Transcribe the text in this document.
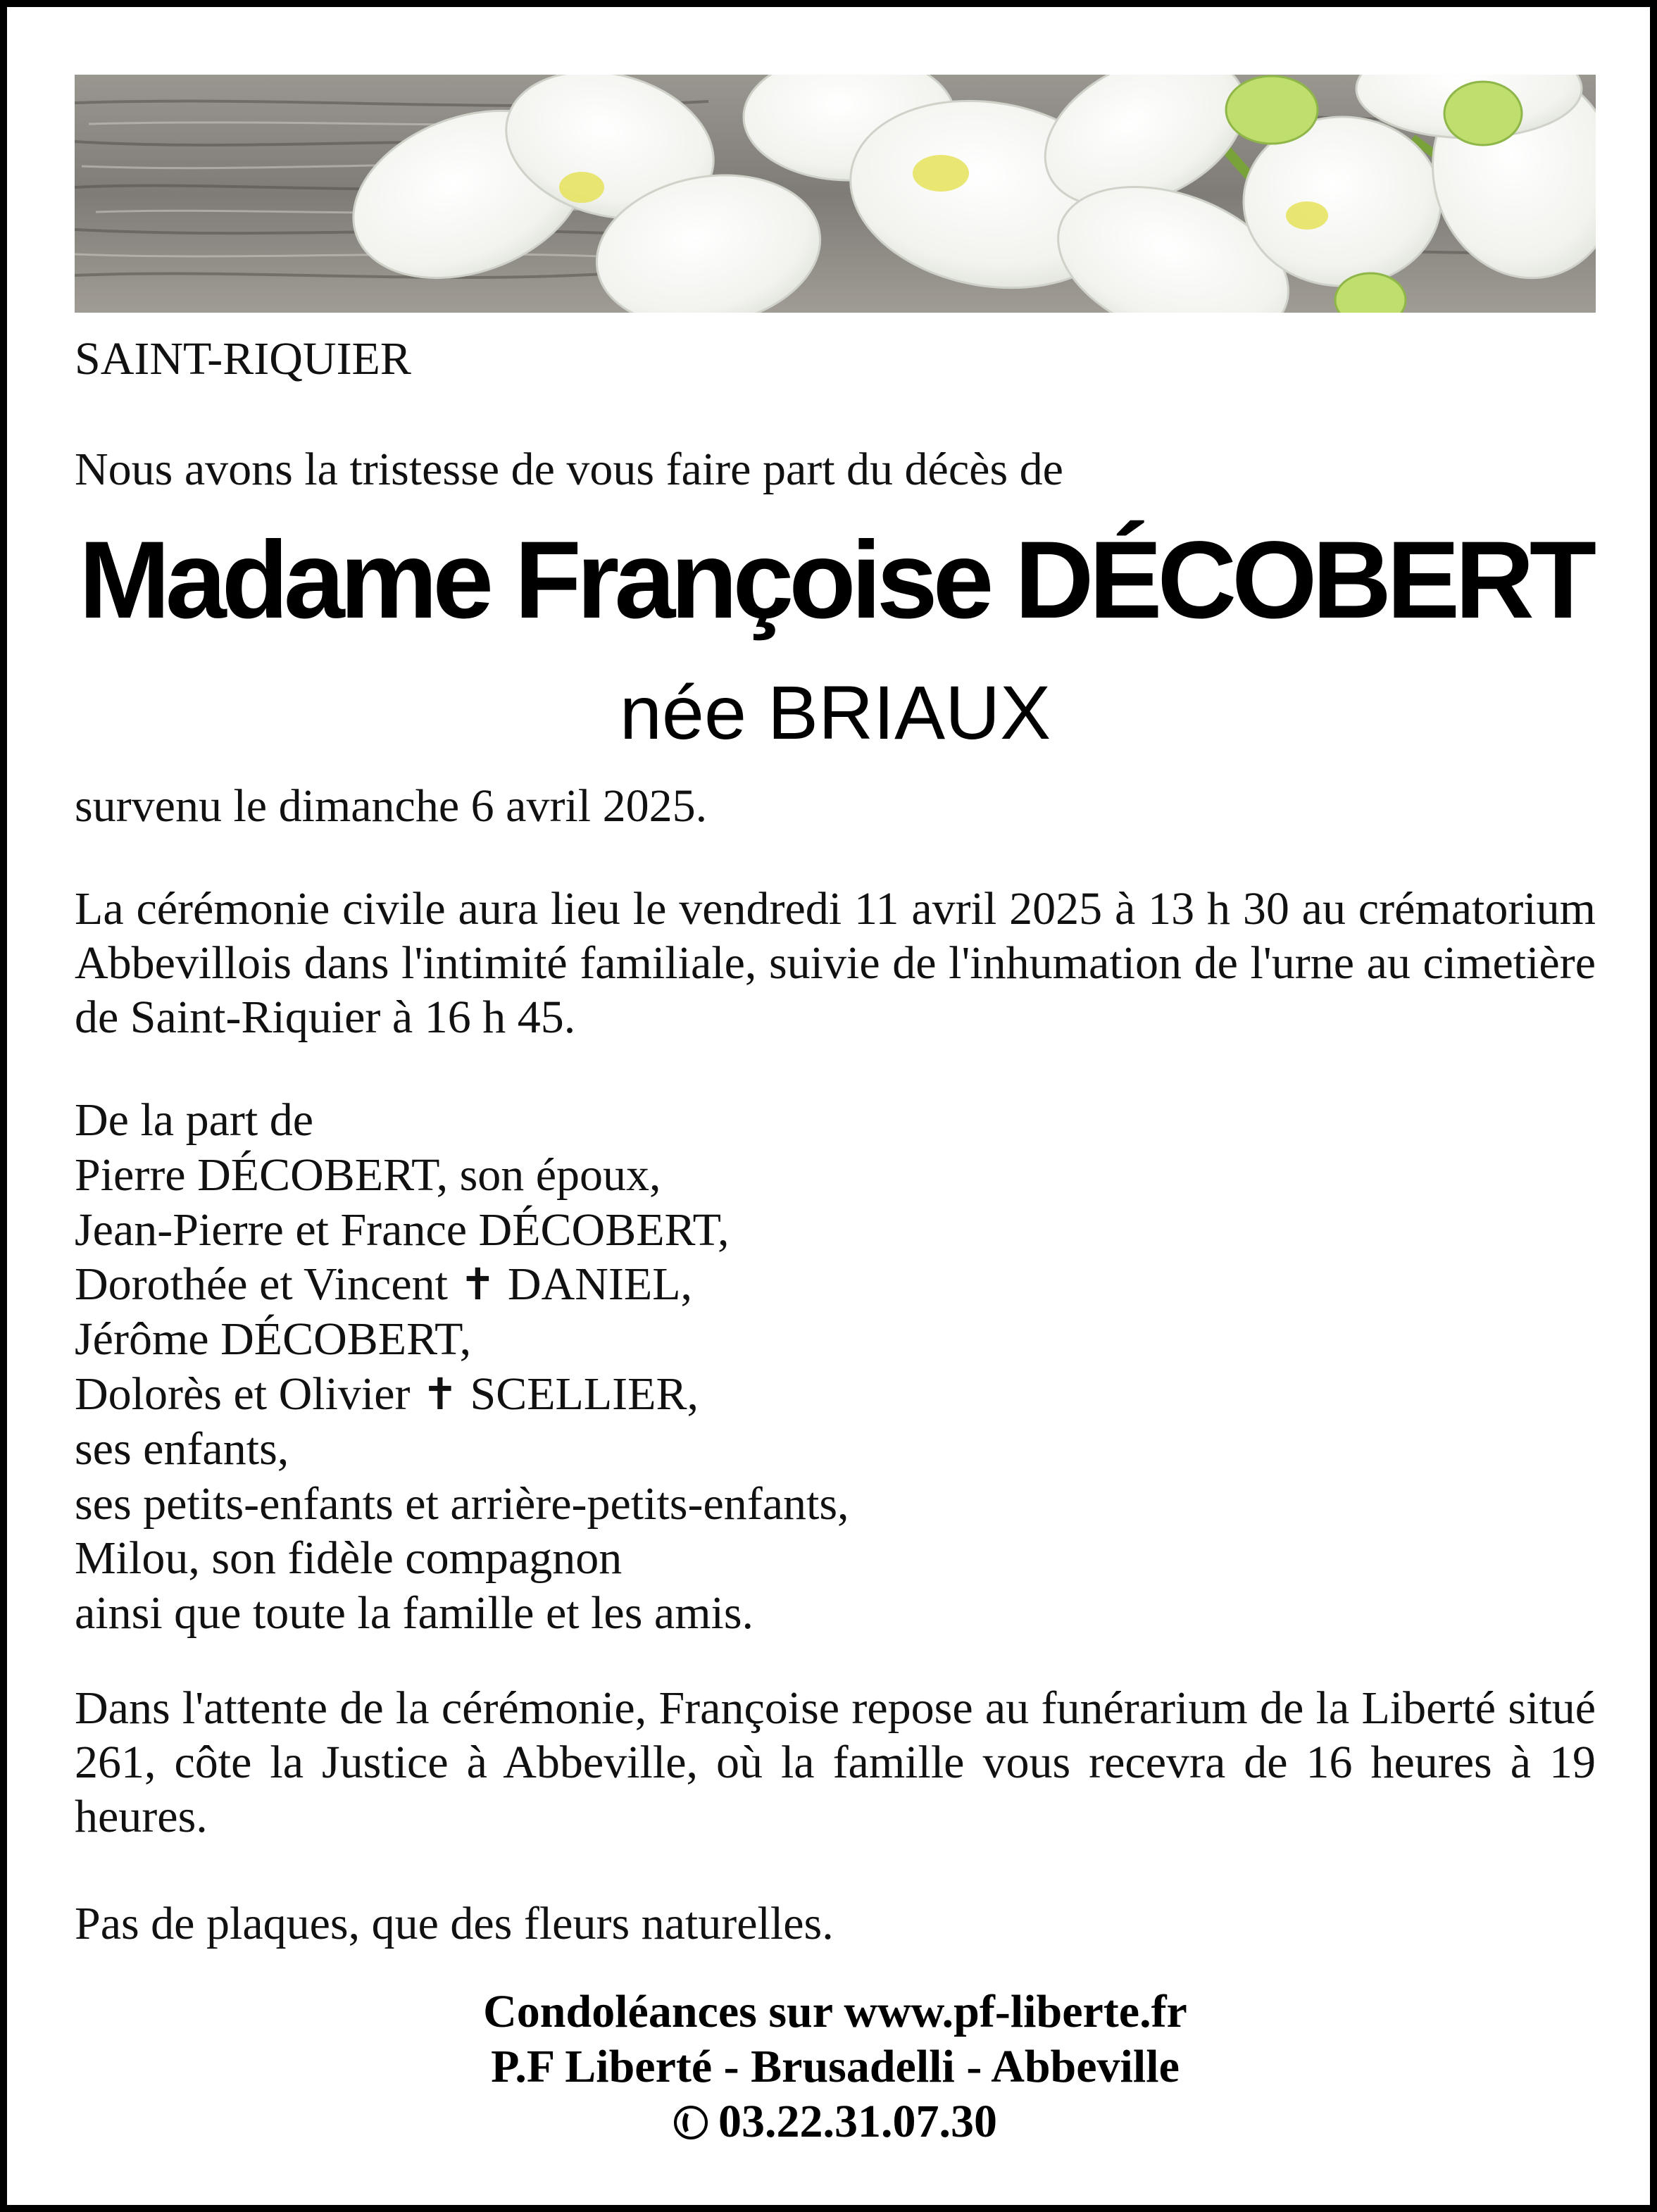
SAINT-RIQUIER
Nous avons la tristesse de vous faire part du décès de
Madame Françoise DÉCOBERT
née BRIAUX
survenu le dimanche 6 avril 2025.
La cérémonie civile aura lieu le vendredi 11 avril 2025 à 13 h 30 au crématorium Abbevillois dans l'intimité familiale, suivie de l'inhumation de l'urne au cimetière de Saint-Riquier à 16 h 45.
De la part de
Pierre DÉCOBERT, son époux,
Jean-Pierre et France DÉCOBERT,
Dorothée et Vincent ✝ DANIEL,
Jérôme DÉCOBERT,
Dolorès et Olivier ✝ SCELLIER,
ses enfants,
ses petits-enfants et arrière-petits-enfants,
Milou, son fidèle compagnon
ainsi que toute la famille et les amis.
Dans l'attente de la cérémonie, Françoise repose au funérarium de la Liberté situé 261, côte la Justice à Abbeville, où la famille vous recevra de 16 heures à 19 heures.
Pas de plaques, que des fleurs naturelles.
Condoléances sur www.pf-liberte.fr
P.F Liberté - Brusadelli - Abbeville
03.22.31.07.30
